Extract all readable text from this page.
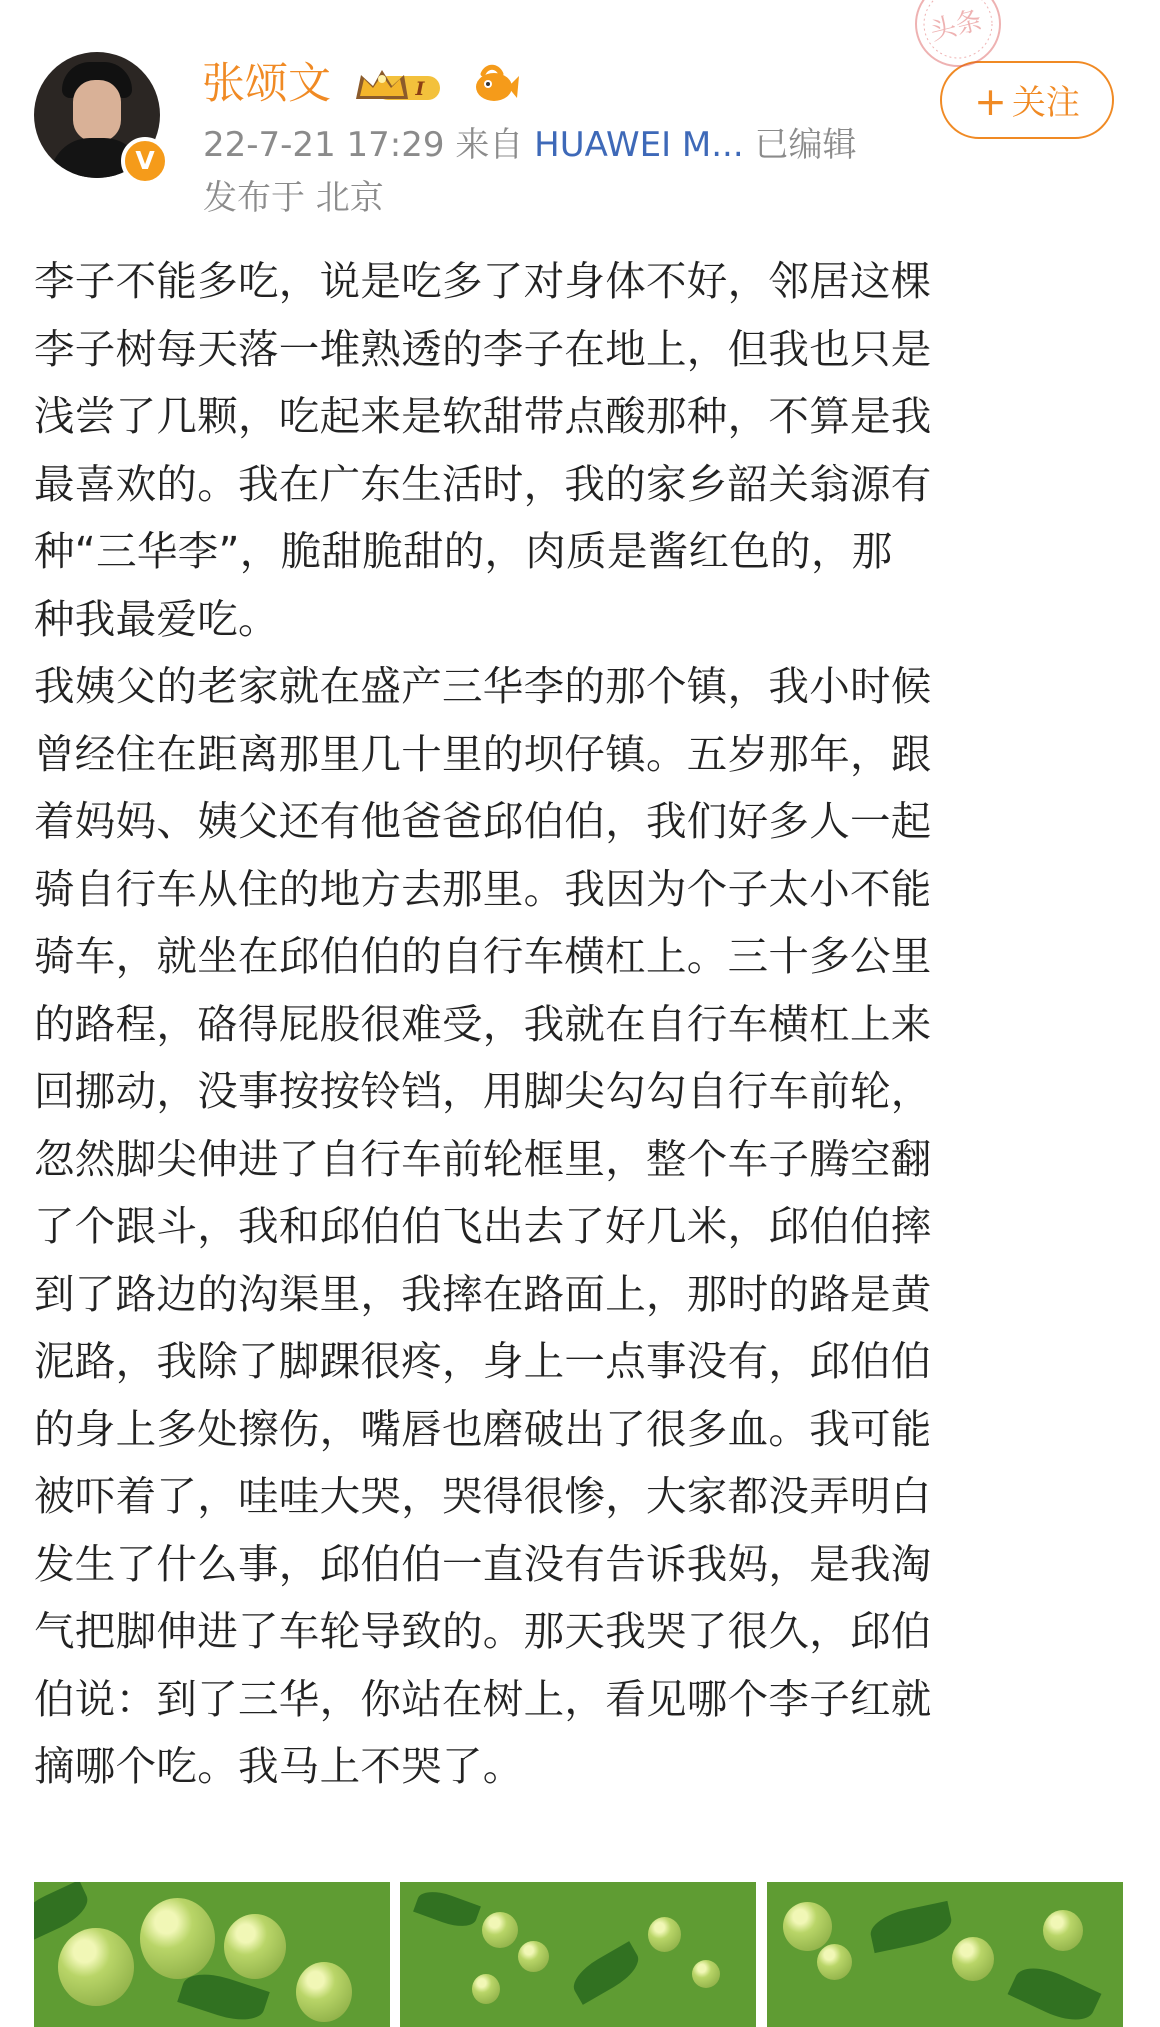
V
张颂文	I
22-7-21 17:29 来自 HUAWEI M... 已编辑
发布于 北京
+ 关注
头条

李子不能多吃，说是吃多了对身体不好，邻居这棵
李子树每天落一堆熟透的李子在地上，但我也只是
浅尝了几颗，吃起来是软甜带点酸那种，不算是我
最喜欢的。我在广东生活时，我的家乡韶关翁源有
种“三华李”，脆甜脆甜的，肉质是酱红色的，那
种我最爱吃。

我姨父的老家就在盛产三华李的那个镇，我小时候
曾经住在距离那里几十里的坝仔镇。五岁那年，跟
着妈妈、姨父还有他爸爸邱伯伯，我们好多人一起
骑自行车从住的地方去那里。我因为个子太小不能
骑车，就坐在邱伯伯的自行车横杠上。三十多公里
的路程，硌得屁股很难受，我就在自行车横杠上来
回挪动，没事按按铃铛，用脚尖勾勾自行车前轮，
忽然脚尖伸进了自行车前轮框里，整个车子腾空翻
了个跟斗，我和邱伯伯飞出去了好几米，邱伯伯摔
到了路边的沟渠里，我摔在路面上，那时的路是黄
泥路，我除了脚踝很疼，身上一点事没有，邱伯伯
的身上多处擦伤，嘴唇也磨破出了很多血。我可能
被吓着了，哇哇大哭，哭得很惨，大家都没弄明白
发生了什么事，邱伯伯一直没有告诉我妈，是我淘
气把脚伸进了车轮导致的。那天我哭了很久，邱伯
伯说：到了三华，你站在树上，看见哪个李子红就
摘哪个吃。我马上不哭了。
